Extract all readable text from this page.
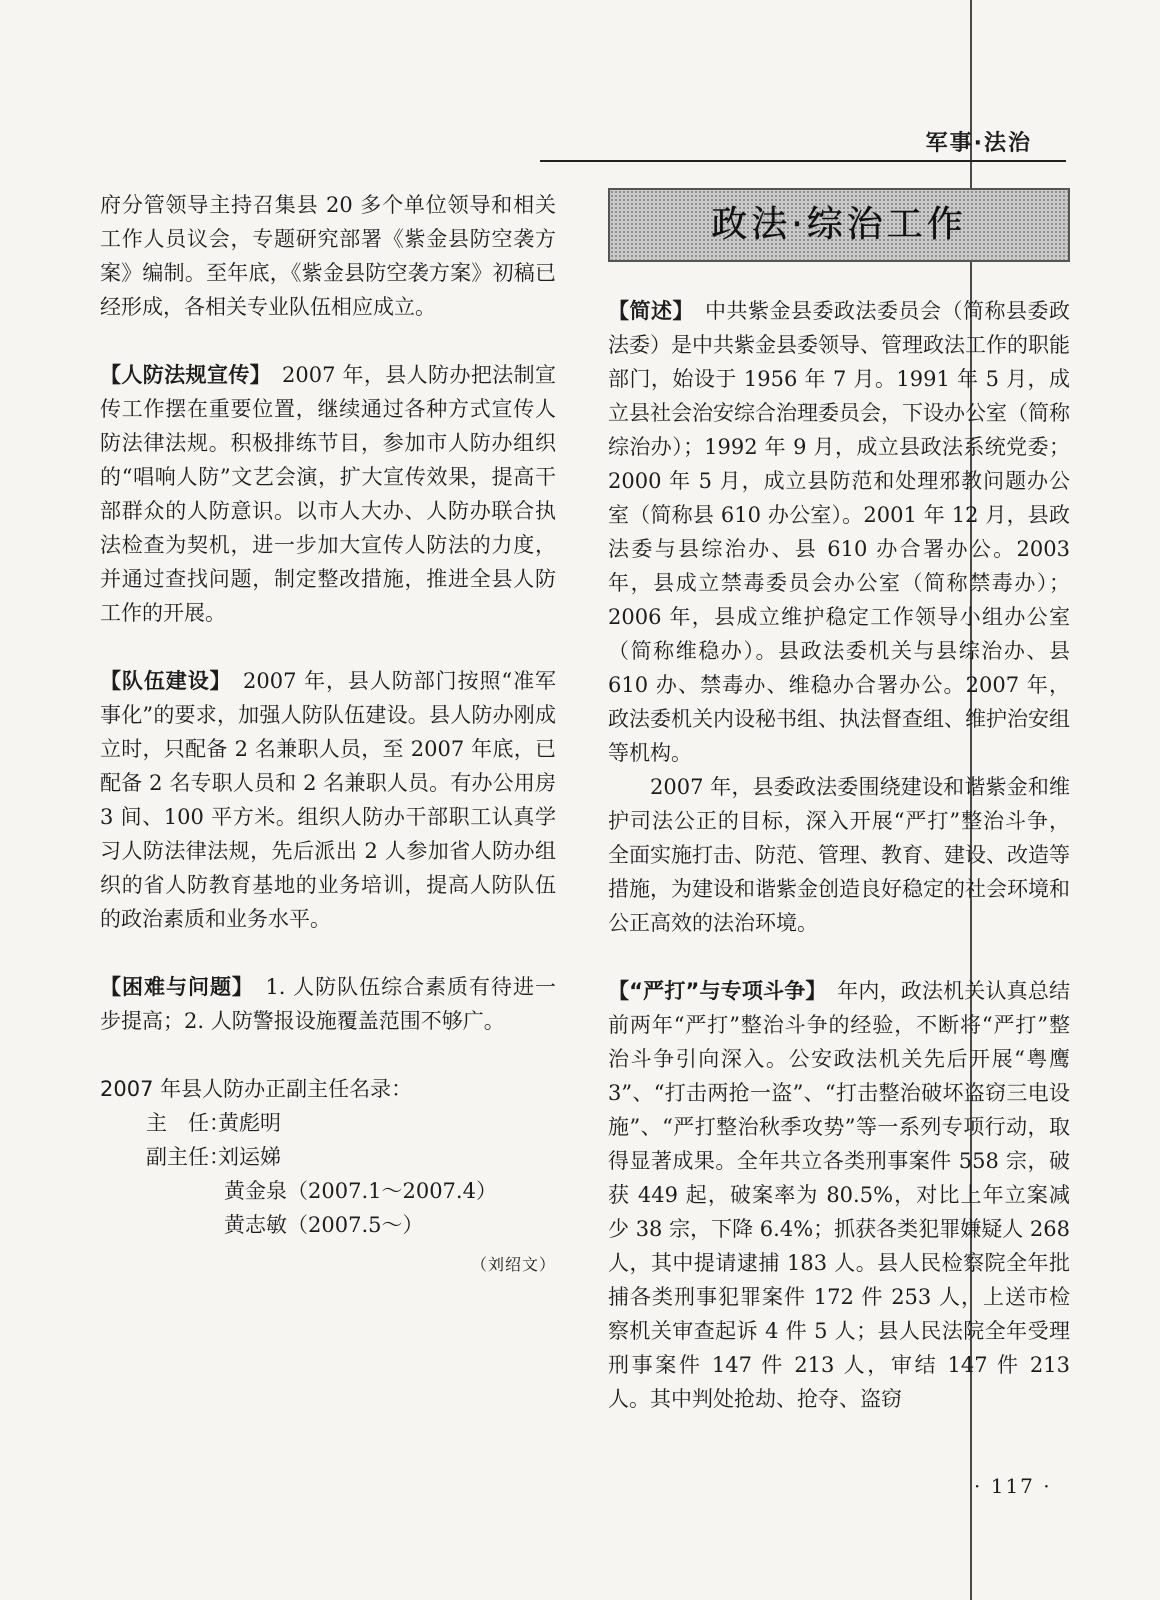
军事·法治

府分管领导主持召集县 20 多个单位领导和相关工作人员议会，专题研究部署《紫金县防空袭方案》编制。至年底，《紫金县防空袭方案》初稿已经形成，各相关专业队伍相应成立。

【人防法规宣传】　 2007 年，县人防办把法制宣传工作摆在重要位置，继续通过各种方式宣传人防法律法规。积极排练节目，参加市人防办组织的“唱响人防”文艺会演，扩大宣传效果，提高干部群众的人防意识。以市人大办、人防办联合执法检查为契机，进一步加大宣传人防法的力度，并通过查找问题，制定整改措施，推进全县人防工作的开展。

【队伍建设】　 2007 年，县人防部门按照“准军事化”的要求，加强人防队伍建设。县人防办刚成立时，只配备 2 名兼职人员，至 2007 年底，已配备 2 名专职人员和 2 名兼职人员。有办公用房 3 间、100 平方米。组织人防办干部职工认真学习人防法律法规，先后派出 2 人参加省人防办组织的省人防教育基地的业务培训，提高人防队伍的政治素质和业务水平。

【困难与问题】　 1. 人防队伍综合素质有待进一步提高；2. 人防警报设施覆盖范围不够广。

2007 年县人防办正副主任名录：
主　任：
黄彪明
副主任：
刘运娣
黄金泉（2007.1～2007.4）
黄志敏（2007.5～）
（刘绍文）
政法·综治工作

【简述】　 中共紫金县委政法委员会（简称县委政法委）是中共紫金县委领导、管理政法工作的职能部门，始设于 1956 年 7 月。1991 年 5 月，成立县社会治安综合治理委员会，下设办公室（简称综治办）；1992 年 9 月，成立县政法系统党委；2000 年 5 月，成立县防范和处理邪教问题办公室（简称县 610 办公室）。2001 年 12 月，县政法委与县综治办、县 610 办合署办公。2003 年，县成立禁毒委员会办公室（简称禁毒办）；2006 年，县成立维护稳定工作领导小组办公室（简称维稳办）。县政法委机关与县综治办、县 610 办、禁毒办、维稳办合署办公。2007 年，政法委机关内设秘书组、执法督查组、维护治安组等机构。

2007 年，县委政法委围绕建设和谐紫金和维护司法公正的目标，深入开展“严打”整治斗争，全面实施打击、防范、管理、教育、建设、改造等措施，为建设和谐紫金创造良好稳定的社会环境和公正高效的法治环境。

【“严打”与专项斗争】　 年内，政法机关认真总结前两年“严打”整治斗争的经验，不断将“严打”整治斗争引向深入。公安政法机关先后开展“粤鹰 3”、“打击两抢一盗”、“打击整治破坏盗窃三电设施”、“严打整治秋季攻势”等一系列专项行动，取得显著成果。全年共立各类刑事案件 558 宗，破获 449 起，破案率为 80.5%，对比上年立案减少 38 宗，下降 6.4%；抓获各类犯罪嫌疑人 268 人，其中提请逮捕 183 人。县人民检察院全年批捕各类刑事犯罪案件 172 件 253 人，上送市检察机关审查起诉 4 件 5 人；县人民法院全年受理刑事案件 147 件 213 人，审结 147 件 213 人。其中判处抢劫、抢夺、盗窃

· 117 ·
